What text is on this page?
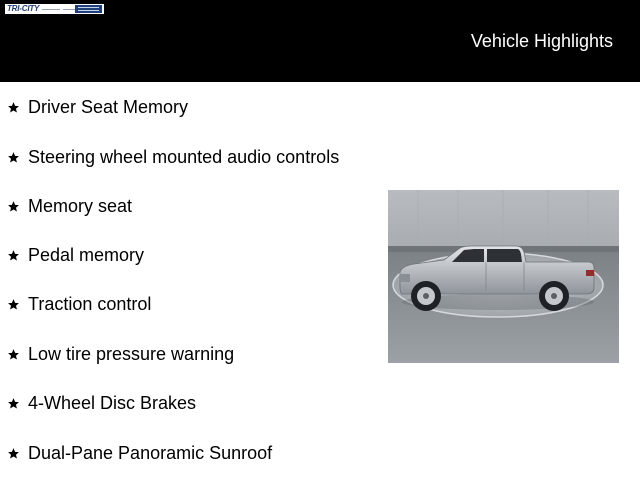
TRI-CITY
Vehicle Highlights
Driver Seat Memory
Steering wheel mounted audio controls
Memory seat
Pedal memory
Traction control
Low tire pressure warning
4-Wheel Disc Brakes
Dual-Pane Panoramic Sunroof
